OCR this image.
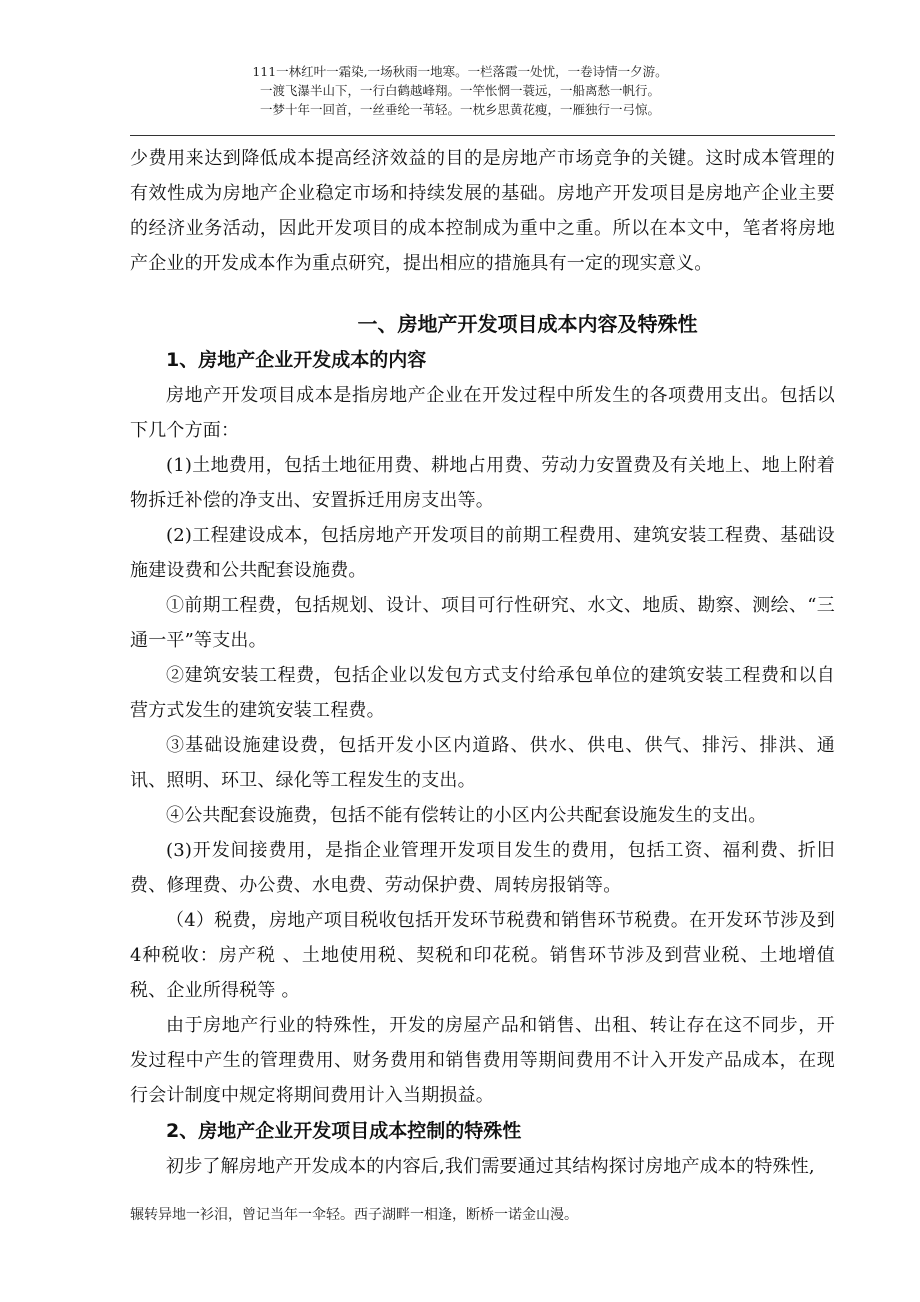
111一林红叶一霜染,一场秋雨一地寒。一栏落霞一处忧，一卷诗情一夕游。
一渡飞瀑半山下，一行白鹤越峰翔。一竿怅惘一蓑远，一船离愁一帆行。
一梦十年一回首，一丝垂纶一苇轻。一枕乡思黄花瘦，一雁独行一弓惊。

少费用来达到降低成本提高经济效益的目的是房地产市场竞争的关键。这时成本管理的有效性成为房地产企业稳定市场和持续发展的基础。房地产开发项目是房地产企业主要的经济业务活动，因此开发项目的成本控制成为重中之重。所以在本文中，笔者将房地产企业的开发成本作为重点研究，提出相应的措施具有一定的现实意义。

一、房地产开发项目成本内容及特殊性
1、房地产企业开发成本的内容

房地产开发项目成本是指房地产企业在开发过程中所发生的各项费用支出。包括以下几个方面：

(1)土地费用，包括土地征用费、耕地占用费、劳动力安置费及有关地上、地上附着物拆迁补偿的净支出、安置拆迁用房支出等。

(2)工程建设成本，包括房地产开发项目的前期工程费用、建筑安装工程费、基础设施建设费和公共配套设施费。

①前期工程费，包括规划、设计、项目可行性研究、水文、地质、勘察、测绘、“三通一平”等支出。

②建筑安装工程费，包括企业以发包方式支付给承包单位的建筑安装工程费和以自营方式发生的建筑安装工程费。

③基础设施建设费，包括开发小区内道路、供水、供电、供气、排污、排洪、通讯、照明、环卫、绿化等工程发生的支出。

④公共配套设施费，包括不能有偿转让的小区内公共配套设施发生的支出。

(3)开发间接费用，是指企业管理开发项目发生的费用，包括工资、福利费、折旧费、修理费、办公费、水电费、劳动保护费、周转房报销等。

（4）税费，房地产项目税收包括开发环节税费和销售环节税费。在开发环节涉及到4种税收：房产税 、土地使用税、契税和印花税。销售环节涉及到营业税、土地增值税、企业所得税等 。

由于房地产行业的特殊性，开发的房屋产品和销售、出租、转让存在这不同步，开发过程中产生的管理费用、财务费用和销售费用等期间费用不计入开发产品成本，在现行会计制度中规定将期间费用计入当期损益。

2、房地产企业开发项目成本控制的特殊性

初步了解房地产开发成本的内容后,我们需要通过其结构探讨房地产成本的特殊性,

辗转异地一衫泪，曾记当年一伞轻。西子湖畔一相逢，断桥一诺金山漫。
